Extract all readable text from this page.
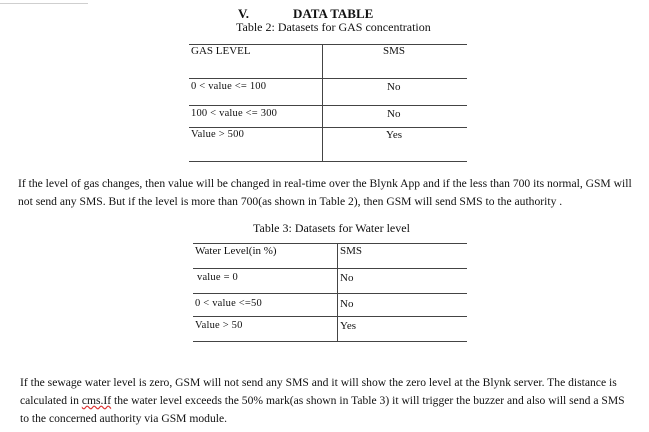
V.	DATA TABLE
Table 2: Datasets for GAS concentration
GAS LEVEL	SMS
0 < value <= 100	No
100 < value <= 300	No
Value > 500	Yes
If the level of gas changes, then value will be changed in real-time over the Blynk App and if the less than 700 its normal, GSM will
not send any SMS. But if the level is more than 700(as shown in Table 2), then GSM will send SMS to the authority .
Table 3: Datasets for Water level
Water Level(in %)	SMS
value = 0	No
0 < value <=50	No
Value > 50	Yes
If the sewage water level is zero, GSM will not send any SMS and it will show the zero level at the Blynk server. The distance is
calculated in cms.If the water level exceeds the 50% mark(as shown in Table 3) it will trigger the buzzer and also will send a SMS
to the concerned authority via GSM module.
